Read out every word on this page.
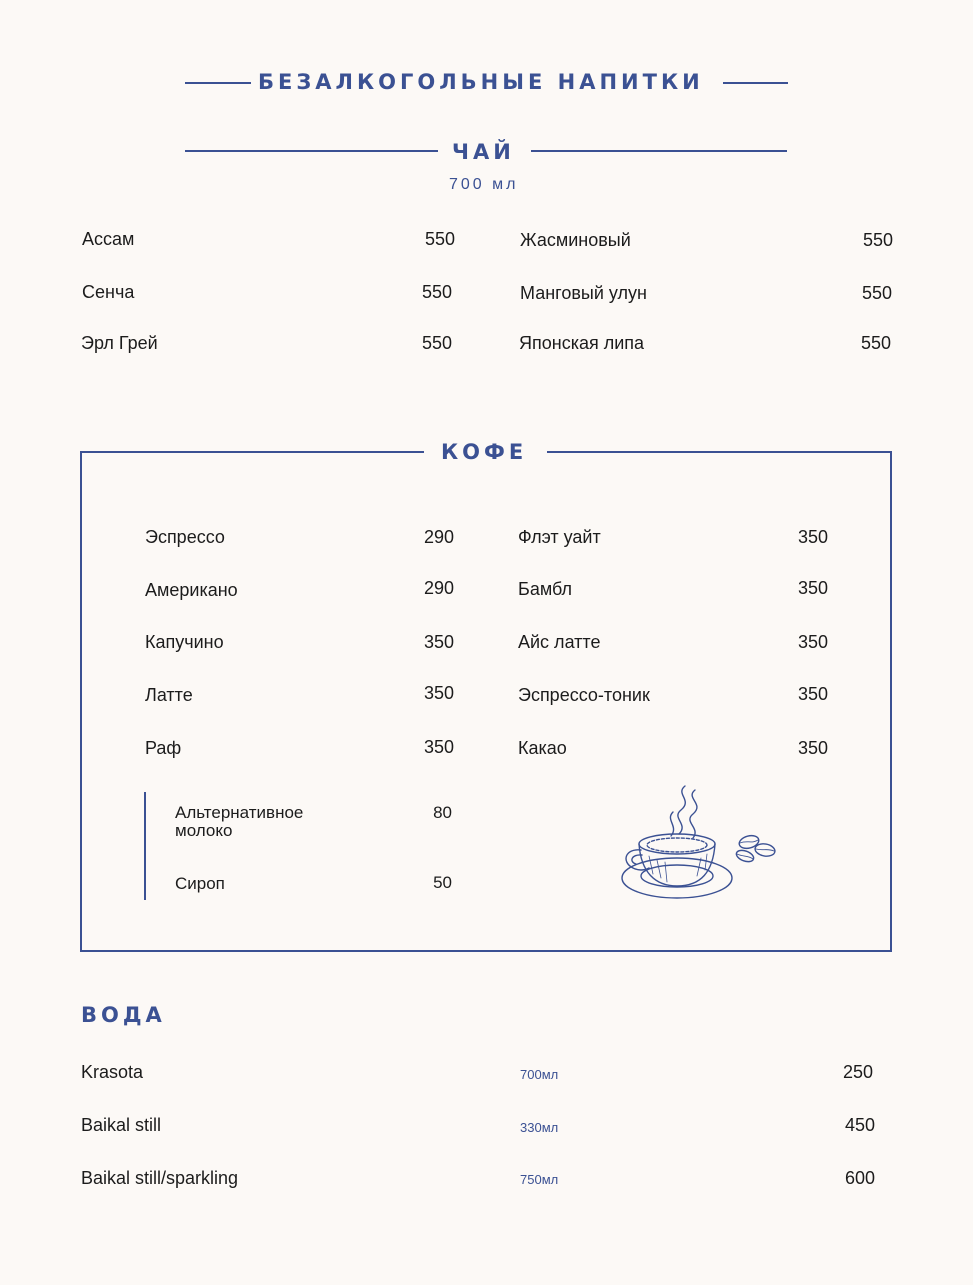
БЕЗАЛКОГОЛЬНЫЕ НАПИТКИ
ЧАЙ
700 мл
Ассам	550
Сенча	550
Эрл Грей	550
Жасминовый	550
Манговый улун	550
Японская липа	550
КОФЕ
Эспрессо	290
Американо	290
Капучино	350
Латте	350
Раф	350
Флэт уайт	350
Бамбл	350
Айс латте	350
Эспрессо-тоник	350
Какао	350
Альтернативное
молоко
80
Сироп	50
ВОДА
Krasota	700мл	250
Baikal still	330мл	450
Baikal still/sparkling	750мл	600
